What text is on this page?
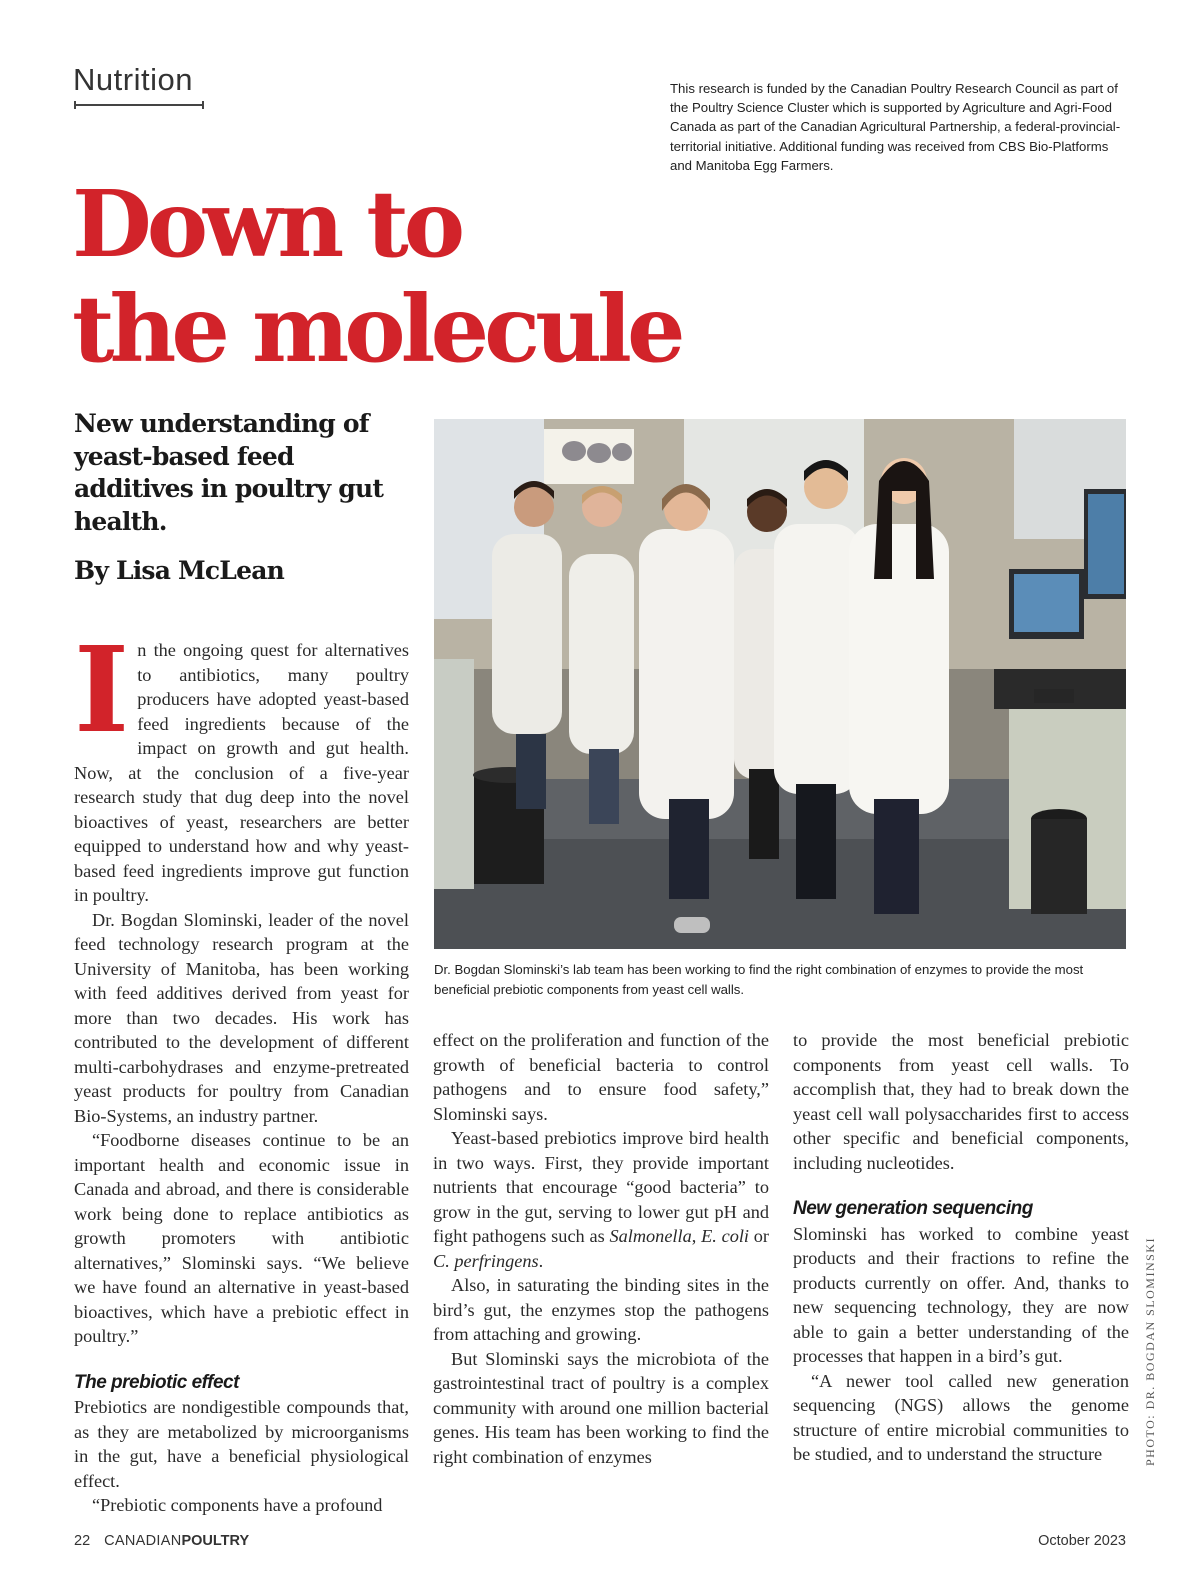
Nutrition	This research is funded by the Canadian Poultry Research Council as part of the Poultry Science Cluster which is supported by Agriculture and Agri-Food Canada as part of the Canadian Agricultural Partnership, a federal-provincial-territorial initiative. Additional funding was received from CBS Bio-Platforms and Manitoba Egg Farmers.
Down to
the molecule
New understanding of yeast-based feed additives in poultry gut health.
By Lisa McLean
Dr. Bogdan Slominski’s lab team has been working to find the right combination of enzymes to provide the most beneficial prebiotic components from yeast cell walls.
PHOTO: DR. BOGDAN SLOMINSKI

In the ongoing quest for alternatives to antibiotics, many poultry producers have adopted yeast-based feed ingredients because of the impact on growth and gut health. Now, at the conclusion of a five-year research study that dug deep into the novel bioactives of yeast, researchers are better equipped to understand how and why yeast-based feed ingredients improve gut function in poultry.

Dr. Bogdan Slominski, leader of the novel feed technology research program at the University of Manitoba, has been working with feed additives derived from yeast for more than two decades. His work has contributed to the development of different multi-carbohydrases and enzyme-pretreated yeast products for poultry from Canadian Bio-Systems, an industry partner.

“Foodborne diseases continue to be an important health and economic issue in Canada and abroad, and there is considerable work being done to replace antibiotics as growth promoters with antibiotic alternatives,” Slominski says. “We believe we have found an alternative in yeast-based bioactives, which have a prebiotic effect in poultry.”

The prebiotic effect

Prebiotics are nondigestible compounds that, as they are metabolized by microorganisms in the gut, have a beneficial physiological effect.

“Prebiotic components have a profound

effect on the proliferation and function of the growth of beneficial bacteria to control pathogens and to ensure food safety,” Slominski says.

Yeast-based prebiotics improve bird health in two ways. First, they provide important nutrients that encourage “good bacteria” to grow in the gut, serving to lower gut pH and fight pathogens such as Salmonella, E. coli or C. perfringens.

Also, in saturating the binding sites in the bird’s gut, the enzymes stop the pathogens from attaching and growing.

But Slominski says the microbiota of the gastrointestinal tract of poultry is a complex community with around one million bacterial genes. His team has been working to find the right combination of enzymes

to provide the most beneficial prebiotic components from yeast cell walls. To accomplish that, they had to break down the yeast cell wall polysaccharides first to access other specific and beneficial components, including nucleotides.

New generation sequencing

Slominski has worked to combine yeast products and their fractions to refine the products currently on offer. And, thanks to new sequencing technology, they are now able to gain a better understanding of the processes that happen in a bird’s gut.

“A newer tool called new generation sequencing (NGS) allows the genome structure of entire microbial communities to be studied, and to understand the structure

22 CANADIANPOULTRY	October 2023
